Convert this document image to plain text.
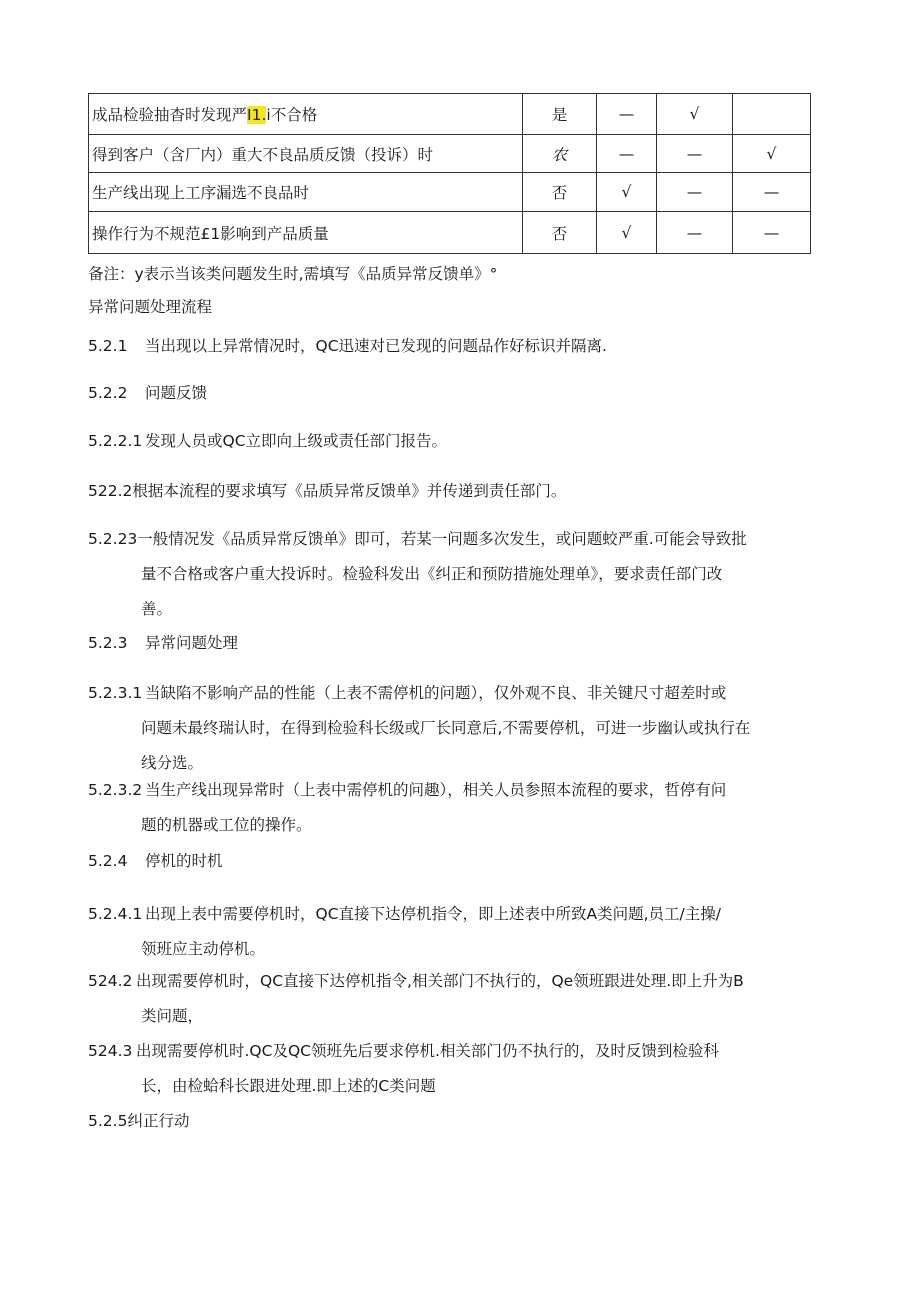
成品检验抽杳时发现严I1.i不合格	是	—	√	
得到客户（含厂内）重大不良品质反馈（投诉）时	农	—	—	√
生产线出现上工序漏选不良品时	否	√	—	—
操作行为不规范£1影响到产品质量	否	√	—	—
备注：y表示当该类问题发生时,需填写《品质异常反馈单》°
异常问题处理流程
5.2.1 当出现以上异常情况时，QC迅速对已发现的问题品作好标识并隔离.
5.2.2 问题反馈
5.2.2.1 发现人员或QC立即向上级或责任部门报告。
522.2根据本流程的要求填写《品质异常反馈单》并传递到责任部门。
5.2.23一般情况发《品质异常反馈单》即可，若某一问题多次发生，或问题蛟严重.可能会导致批
量不合格或客户重大投诉时。检验科发出《纠正和预防措施处理单》，要求责任部门改
善。
5.2.3 异常问题处理
5.2.3.1 当缺陷不影响产品的性能（上表不需停机的问题），仅外观不良、非关键尺寸超差时或
问题未最终瑞认时，在得到检验科长级或厂长同意后,不需要停机，可进一步幽认或执行在
线分选。
5.2.3.2 当生产线出现异常时（上表中需停机的问趣），相关人员参照本流程的要求，哲停有问
题的机器或工位的操作。
5.2.4 停机的时机
5.2.4.1 出现上表中需要停机时，QC直接下达停机指令，即上述表中所致A类问题,员工/主操/
领班应主动停机。
524.2 出现需要停机时，QC直接下达停机指令,相关部门不执行的，Qe领班跟进处理.即上升为B
类问题，
524.3 出现需要停机时.QC及QC领班先后要求停机.相关部门仍不执行的，及时反馈到检验科
长，由检蛤科长跟进处理.即上述的C类问题
5.2.5纠正行动
